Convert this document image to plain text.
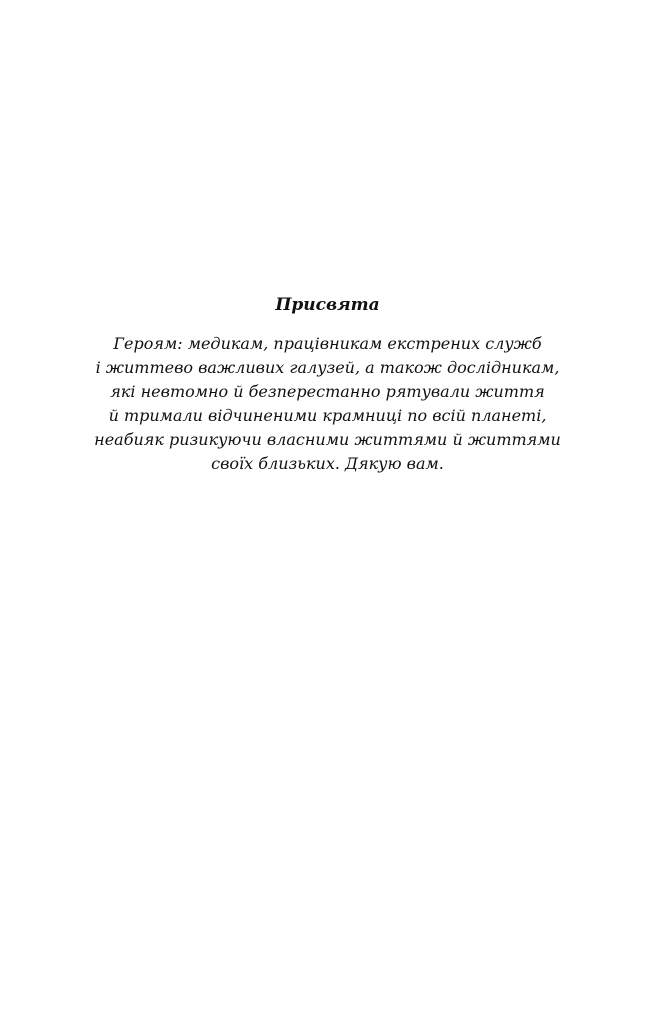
Присвята

Героям: медикам, працівникам екстрених служб
і життево важливих галузей, а також дослідникам,
які невтомно й безперестанно рятували життя
й тримали відчиненими крамниці по всій планеті,
неабияк ризикуючи власними життями й життями
своїх близьких. Дякую вам.
